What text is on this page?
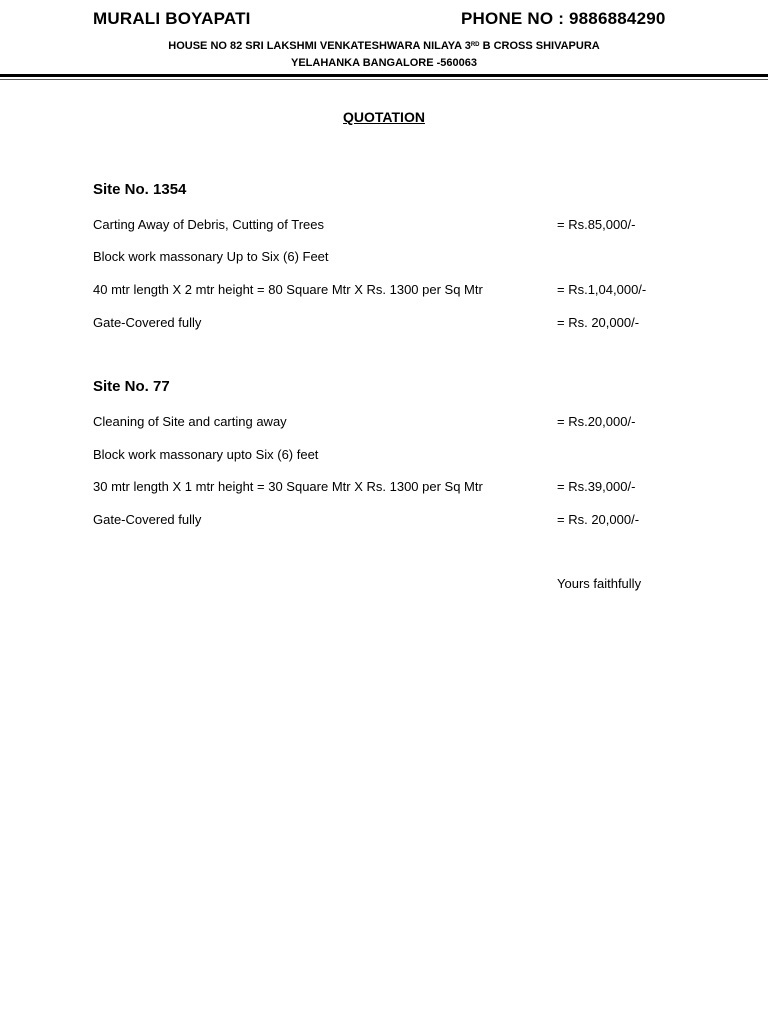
MURALI BOYAPATI	PHONE NO : 9886884290
HOUSE NO 82 SRI LAKSHMI VENKATESHWARA NILAYA 3RD B CROSS SHIVAPURA
YELAHANKA BANGALORE -560063
QUOTATION
Site No. 1354
Carting Away of Debris, Cutting of Trees	= Rs.85,000/-
Block work massonary Up to Six (6) Feet
40 mtr length X 2 mtr height = 80 Square Mtr X Rs. 1300 per Sq Mtr	= Rs.1,04,000/-
Gate-Covered fully	= Rs. 20,000/-
Site No. 77
Cleaning of Site and carting away	= Rs.20,000/-
Block work massonary upto Six (6) feet
30 mtr length X 1 mtr height = 30 Square Mtr X Rs. 1300 per Sq Mtr	= Rs.39,000/-
Gate-Covered fully	= Rs. 20,000/-
Yours faithfully
